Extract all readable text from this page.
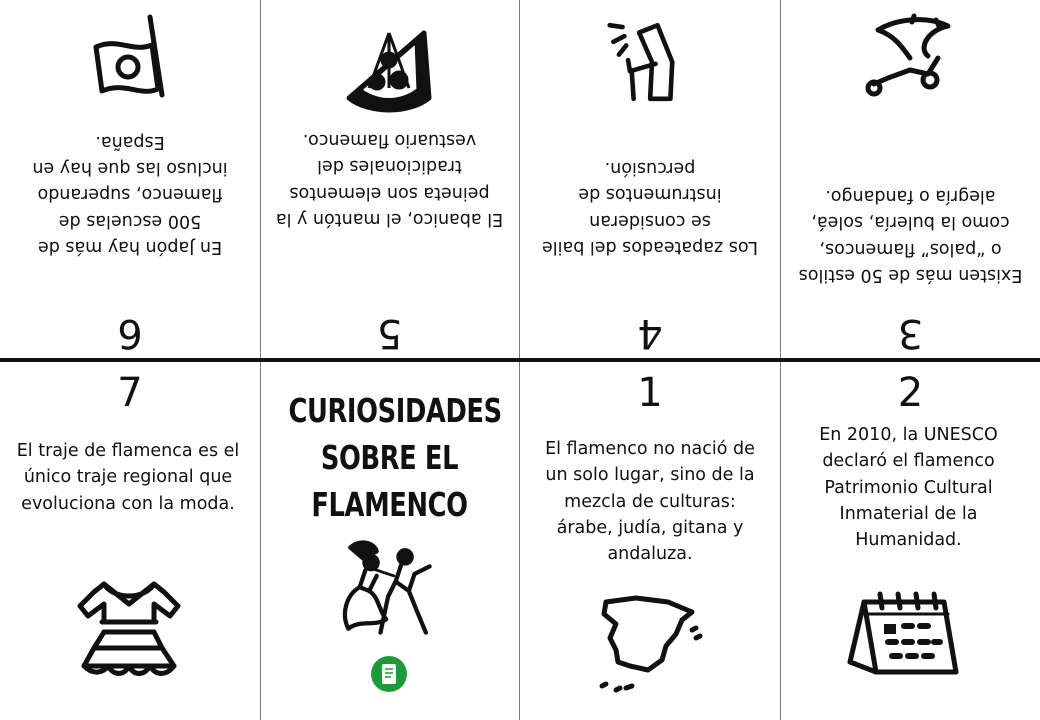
6
En Japón hay más de 500 escuelas de flamenco, superando incluso las que hay en España.
5
El abanico, el mantón y la peineta son elementos tradicionales del vestuario flamenco.
4
Los zapateados del baile se consideran instrumentos de percusión.
3
Existen más de 50 estilos o “palos” flamencos, como la bulería, soleá, alegría o fandango.
7
El traje de flamenca es el único traje regional que evoluciona con la moda.
CURIOSIDADES
SOBRE EL
FLAMENCO
1
El flamenco no nació de un solo lugar, sino de la mezcla de culturas: árabe, judía, gitana y andaluza.
2
En 2010, la UNESCO declaró el flamenco Patrimonio Cultural Inmaterial de la Humanidad.
